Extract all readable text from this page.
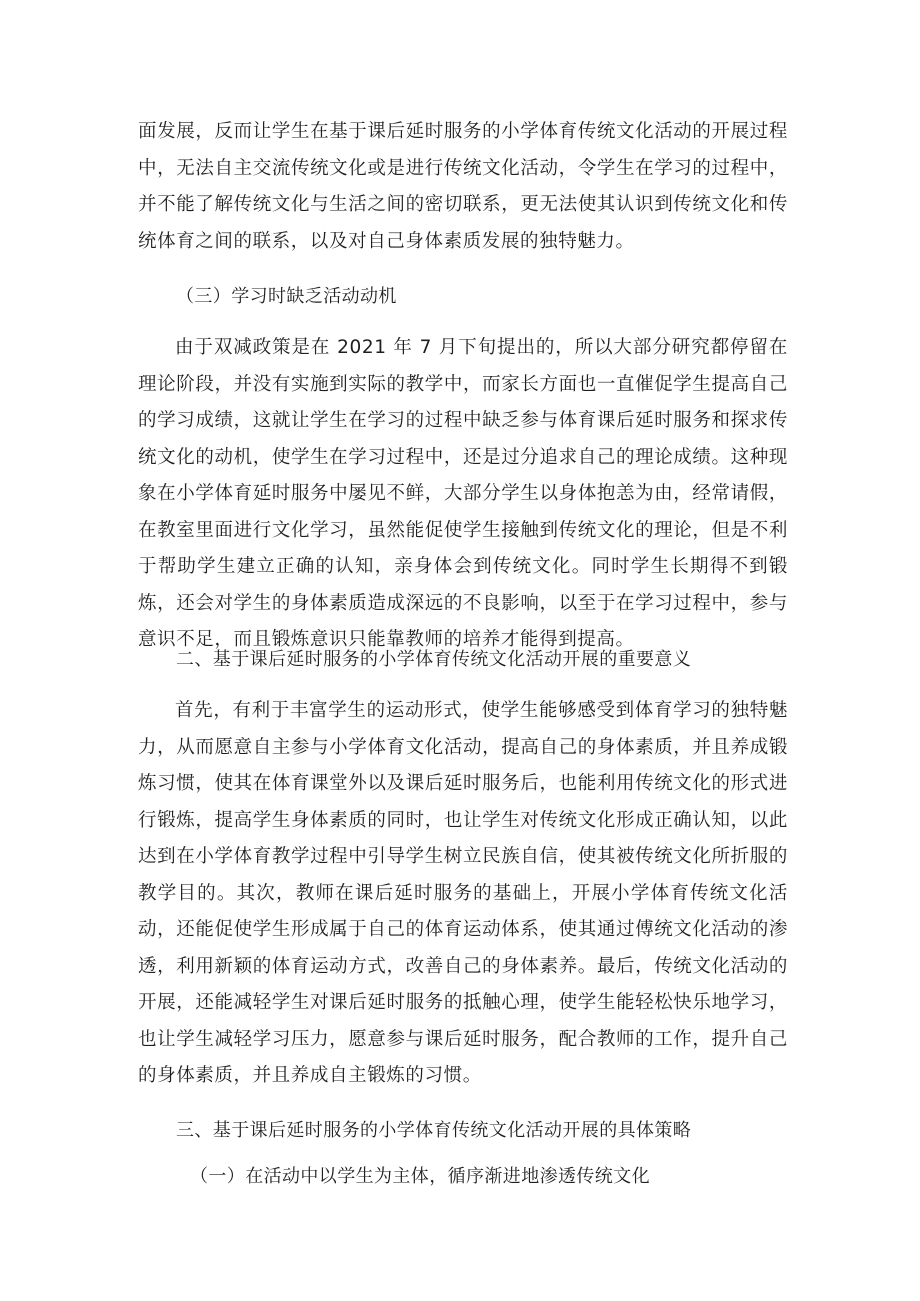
面发展，反而让学生在基于课后延时服务的小学体育传统文化活动的开展过程中，无法自主交流传统文化或是进行传统文化活动，令学生在学习的过程中，并不能了解传统文化与生活之间的密切联系，更无法使其认识到传统文化和传统体育之间的联系，以及对自己身体素质发展的独特魅力。

（三）学习时缺乏活动动机

由于双减政策是在 2021 年 7 月下旬提出的，所以大部分研究都停留在理论阶段，并没有实施到实际的教学中，而家长方面也一直催促学生提高自己的学习成绩，这就让学生在学习的过程中缺乏参与体育课后延时服务和探求传统文化的动机，使学生在学习过程中，还是过分追求自己的理论成绩。这种现象在小学体育延时服务中屡见不鲜，大部分学生以身体抱恙为由，经常请假，在教室里面进行文化学习，虽然能促使学生接触到传统文化的理论，但是不利于帮助学生建立正确的认知，亲身体会到传统文化。同时学生长期得不到锻炼，还会对学生的身体素质造成深远的不良影响，以至于在学习过程中，参与意识不足，而且锻炼意识只能靠教师的培养才能得到提高。

二、基于课后延时服务的小学体育传统文化活动开展的重要意义

首先，有利于丰富学生的运动形式，使学生能够感受到体育学习的独特魅力，从而愿意自主参与小学体育文化活动，提高自己的身体素质，并且养成锻炼习惯，使其在体育课堂外以及课后延时服务后，也能利用传统文化的形式进行锻炼，提高学生身体素质的同时，也让学生对传统文化形成正确认知，以此达到在小学体育教学过程中引导学生树立民族自信，使其被传统文化所折服的教学目的。其次，教师在课后延时服务的基础上，开展小学体育传统文化活动，还能促使学生形成属于自己的体育运动体系，使其通过傅统文化活动的渗透，利用新颖的体育运动方式，改善自己的身体素养。最后，传统文化活动的开展，还能减轻学生对课后延时服务的抵触心理，使学生能轻松快乐地学习，也让学生减轻学习压力，愿意参与课后延时服务，配合教师的工作，提升自己的身体素质，并且养成自主锻炼的习惯。

三、基于课后延时服务的小学体育传统文化活动开展的具体策略

（一）在活动中以学生为主体，循序渐进地渗透传统文化
